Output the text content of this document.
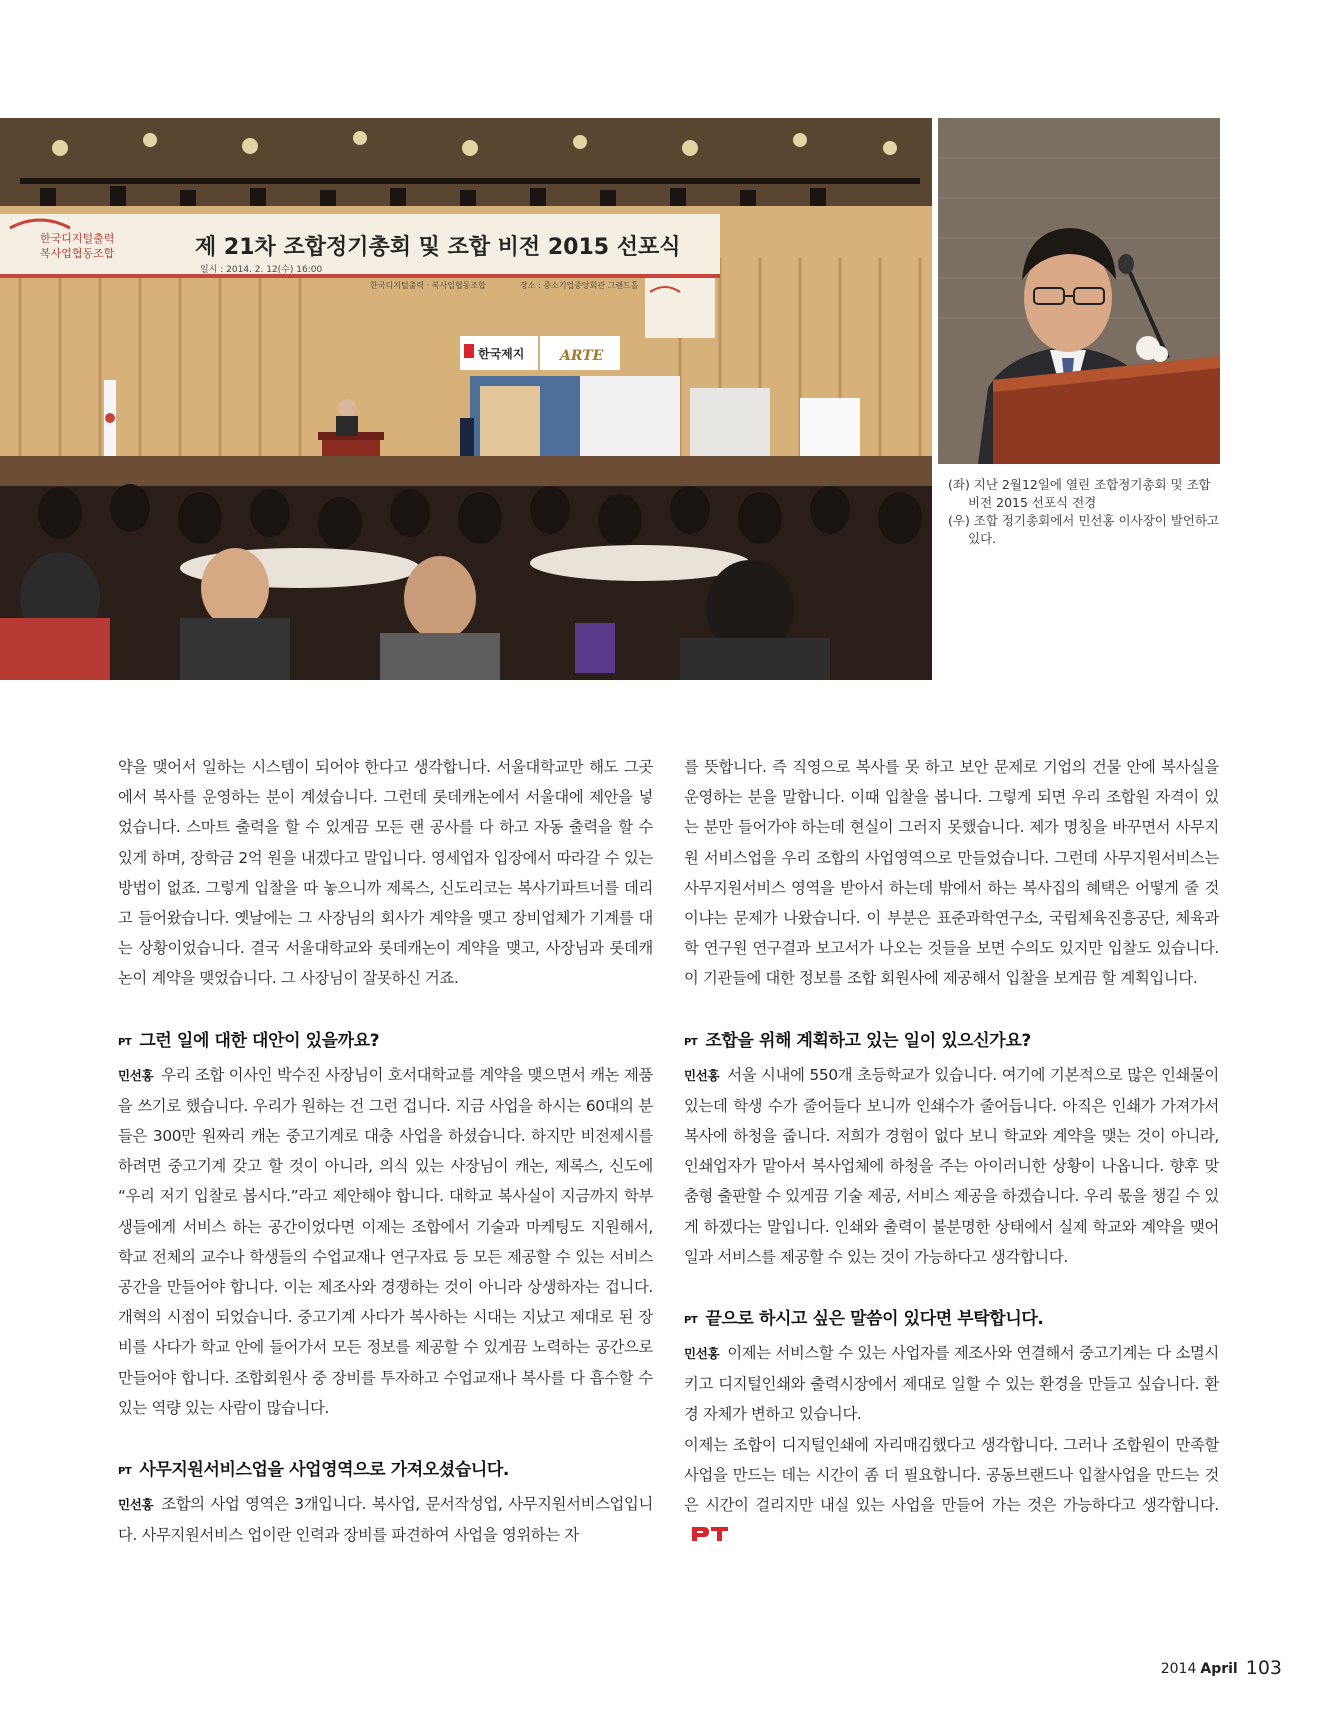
한국디지털출력
복사업협동조합	제 21차 조합정기총회 및 조합 비전 2015 선포식
일시 : 2014. 2. 12(수) 16:00
한국디지털출력 · 복사업협동조합	장소 : 중소기업중앙회관 그랜드홀
한국제지	ARTE

(좌) 지난 2월12일에 열린 조합정기총회 및 조합 비전 2015 선포식 전경

(우) 조합 정기총회에서 민선홍 이사장이 발언하고 있다.

약을 맺어서 일하는 시스템이 되어야 한다고 생각합니다. 서울대학교만 해도 그곳에서 복사를 운영하는 분이 계셨습니다. 그런데 롯데캐논에서 서울대에 제안을 넣었습니다. 스마트 출력을 할 수 있게끔 모든 랜 공사를 다 하고 자동 출력을 할 수 있게 하며, 장학금 2억 원을 내겠다고 말입니다. 영세업자 입장에서 따라갈 수 있는 방법이 없죠. 그렇게 입찰을 따 놓으니까 제록스, 신도리코는 복사기파트너를 데리고 들어왔습니다. 옛날에는 그 사장님의 회사가 계약을 맺고 장비업체가 기계를 대는 상황이었습니다. 결국 서울대학교와 롯데캐논이 계약을 맺고, 사장님과 롯데캐논이 계약을 맺었습니다. 그 사장님이 잘못하신 거죠.

PT 그런 일에 대한 대안이 있을까요?

민선홍 우리 조합 이사인 박수진 사장님이 호서대학교를 계약을 맺으면서 캐논 제품을 쓰기로 했습니다. 우리가 원하는 건 그런 겁니다. 지금 사업을 하시는 60대의 분들은 300만 원짜리 캐논 중고기계로 대충 사업을 하셨습니다. 하지만 비전제시를 하려면 중고기계 갖고 할 것이 아니라, 의식 있는 사장님이 캐논, 제록스, 신도에 “우리 저기 입찰로 봅시다.”라고 제안해야 합니다. 대학교 복사실이 지금까지 학부생들에게 서비스 하는 공간이었다면 이제는 조합에서 기술과 마케팅도 지원해서, 학교 전체의 교수나 학생들의 수업교재나 연구자료 등 모든 제공할 수 있는 서비스 공간을 만들어야 합니다. 이는 제조사와 경쟁하는 것이 아니라 상생하자는 겁니다. 개혁의 시점이 되었습니다. 중고기계 사다가 복사하는 시대는 지났고 제대로 된 장비를 사다가 학교 안에 들어가서 모든 정보를 제공할 수 있게끔 노력하는 공간으로 만들어야 합니다. 조합회원사 중 장비를 투자하고 수업교재나 복사를 다 흡수할 수 있는 역량 있는 사람이 많습니다.

PT 사무지원서비스업을 사업영역으로 가져오셨습니다.

민선홍 조합의 사업 영역은 3개입니다. 복사업, 문서작성업, 사무지원서비스업입니다. 사무지원서비스 업이란 인력과 장비를 파견하여 사업을 영위하는 자

를 뜻합니다. 즉 직영으로 복사를 못 하고 보안 문제로 기업의 건물 안에 복사실을 운영하는 분을 말합니다. 이때 입찰을 봅니다. 그렇게 되면 우리 조합원 자격이 있는 분만 들어가야 하는데 현실이 그러지 못했습니다. 제가 명칭을 바꾸면서 사무지원 서비스업을 우리 조합의 사업영역으로 만들었습니다. 그런데 사무지원서비스는 사무지원서비스 영역을 받아서 하는데 밖에서 하는 복사집의 혜택은 어떻게 줄 것이냐는 문제가 나왔습니다. 이 부분은 표준과학연구소, 국립체육진흥공단, 체육과학 연구원 연구결과 보고서가 나오는 것들을 보면 수의도 있지만 입찰도 있습니다. 이 기관들에 대한 정보를 조합 회원사에 제공해서 입찰을 보게끔 할 계획입니다.

PT 조합을 위해 계획하고 있는 일이 있으신가요?

민선홍 서울 시내에 550개 초등학교가 있습니다. 여기에 기본적으로 많은 인쇄물이 있는데 학생 수가 줄어들다 보니까 인쇄수가 줄어듭니다. 아직은 인쇄가 가져가서 복사에 하청을 줍니다. 저희가 경험이 없다 보니 학교와 계약을 맺는 것이 아니라, 인쇄업자가 맡아서 복사업체에 하청을 주는 아이러니한 상황이 나옵니다. 향후 맞춤형 출판할 수 있게끔 기술 제공, 서비스 제공을 하겠습니다. 우리 몫을 챙길 수 있게 하겠다는 말입니다. 인쇄와 출력이 불분명한 상태에서 실제 학교와 계약을 맺어 일과 서비스를 제공할 수 있는 것이 가능하다고 생각합니다.

PT 끝으로 하시고 싶은 말씀이 있다면 부탁합니다.

민선홍 이제는 서비스할 수 있는 사업자를 제조사와 연결해서 중고기계는 다 소멸시키고 디지털인쇄와 출력시장에서 제대로 일할 수 있는 환경을 만들고 싶습니다. 환경 자체가 변하고 있습니다.

이제는 조합이 디지털인쇄에 자리매김했다고 생각합니다. 그러나 조합원이 만족할 사업을 만드는 데는 시간이 좀 더 필요합니다. 공동브랜드나 입찰사업을 만드는 것은 시간이 걸리지만 내실 있는 사업을 만들어 가는 것은 가능하다고 생각합니다.

2014 April 103
